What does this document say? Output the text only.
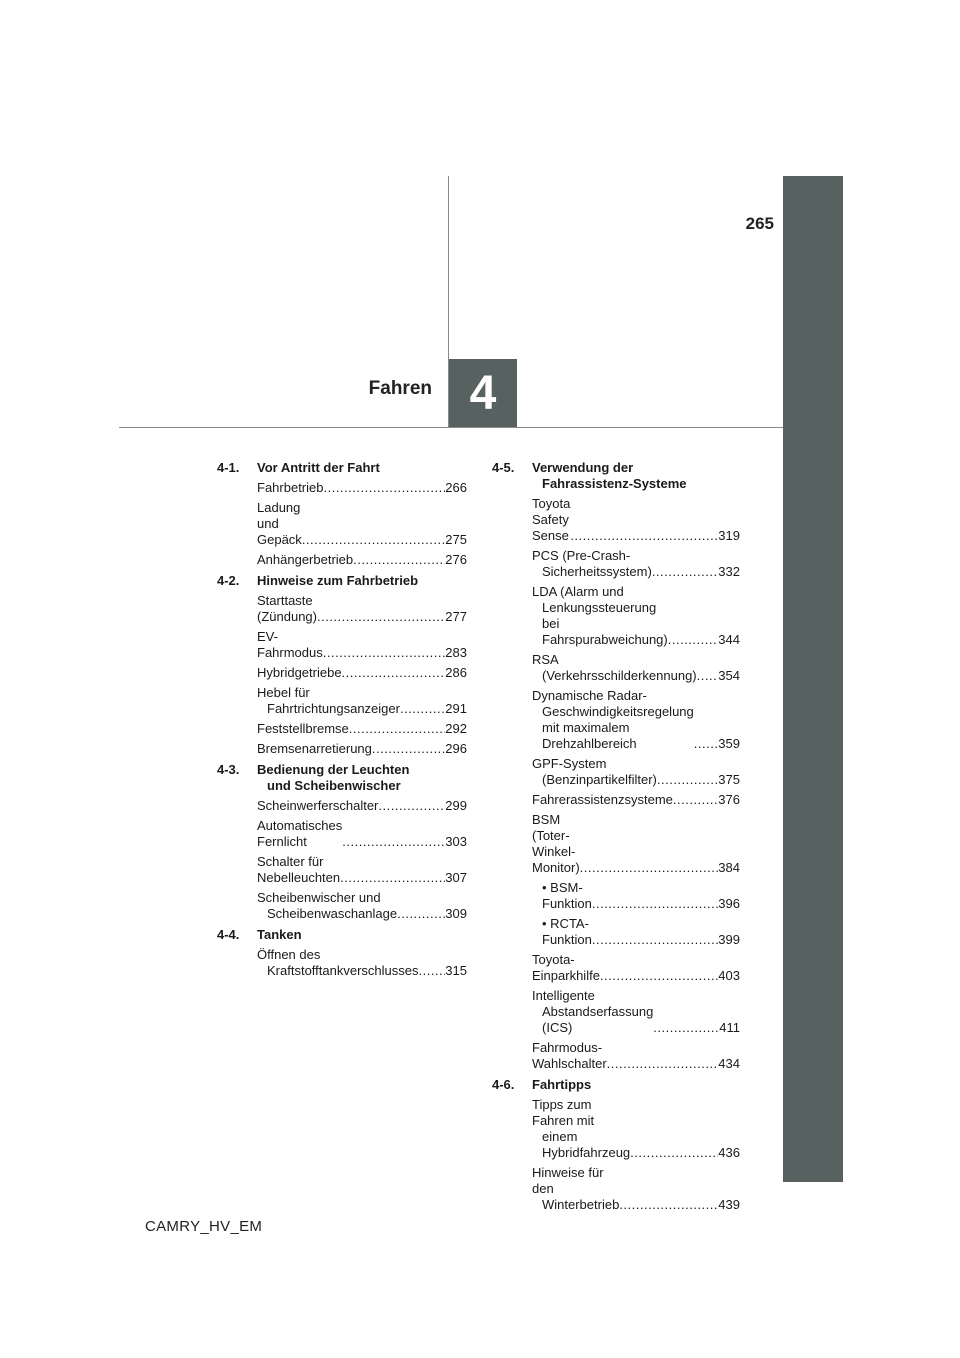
265
Fahren 4
4-1.	Vor Antritt der Fahrt
Fahrbetrieb .....	266
Ladung und Gepäck .....	275
Anhängerbetrieb .....	276
4-2.	Hinweise zum Fahrbetrieb
Starttaste (Zündung) .....	277
EV-Fahrmodus .....	283
Hybridgetriebe .....	286
Hebel für

Fahrtrichtungsanzeiger .....	291
Feststellbremse .....	292
Bremsenarretierung .....	296
4-3.	Bedienung der Leuchten

und Scheibenwischer
Scheinwerferschalter .....	299
Automatisches Fernlicht .....	303
Schalter für Nebelleuchten .....	307
Scheibenwischer und

Scheibenwaschanlage .....	309
4-4.	Tanken
Öffnen des

Kraftstofftankverschlusses ..... 315
4-5.	Verwendung der

Fahrassistenz-Systeme
Toyota Safety Sense .....	319
PCS (Pre-Crash-

Sicherheitssystem) .....	332
LDA (Alarm und

Lenkungssteuerung bei
Fahrspurabweichung) .....	344
RSA

(Verkehrsschilderkennung) ..... 354
Dynamische Radar-

Geschwindigkeitsregelung
mit maximalem
Drehzahlbereich .....	359
GPF-System

(Benzinpartikelfilter) .....	375
Fahrerassistenzsysteme .....	376
BSM (Toter-Winkel-Monitor) .....	384
• BSM-Funktion .....	396
• RCTA-Funktion .....	399
Toyota-Einparkhilfe .....	403
Intelligente

Abstandserfassung (ICS) .....	411
Fahrmodus-Wahlschalter .....	434
4-6.	Fahrtipps
Tipps zum Fahren mit

einem Hybridfahrzeug .....	436
Hinweise für den

Winterbetrieb .....	439
CAMRY_HV_EM
